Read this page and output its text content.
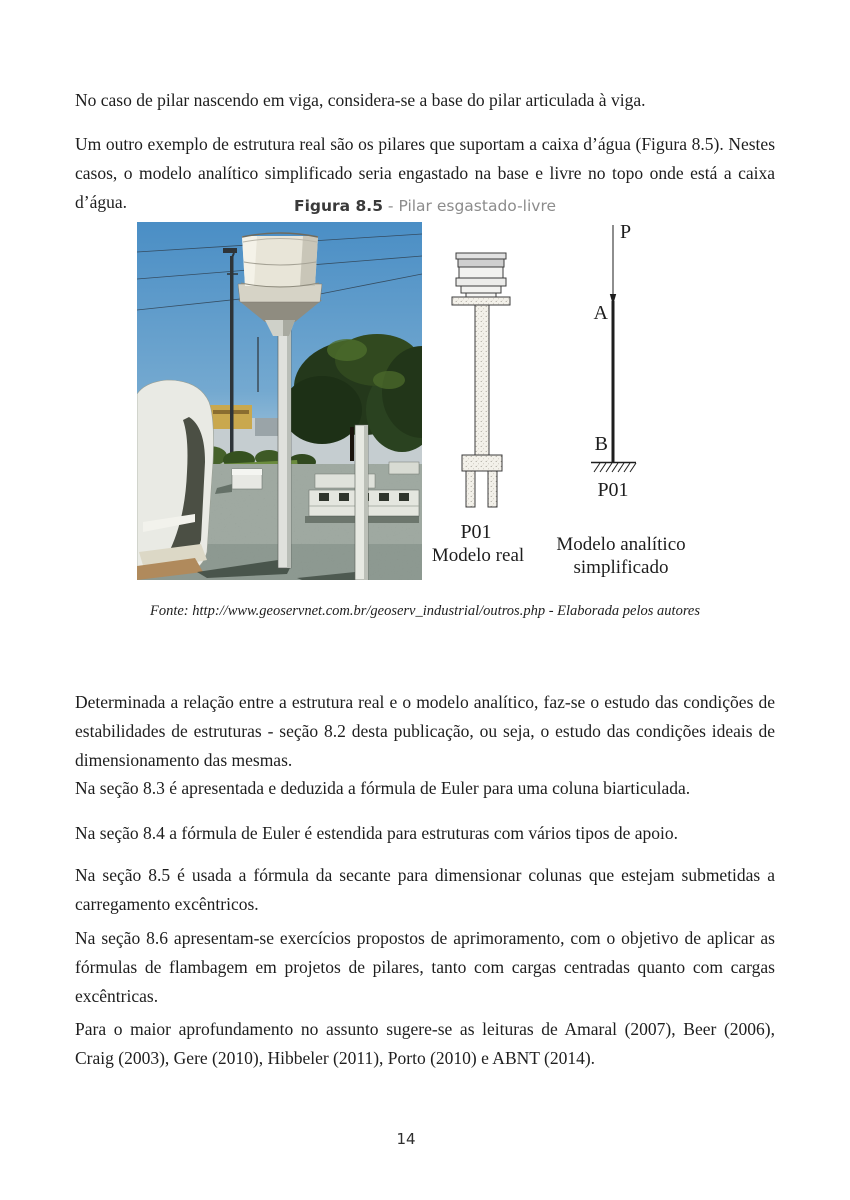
No caso de pilar nascendo em viga, considera-se a base do pilar articulada à viga.

Um outro exemplo de estrutura real são os pilares que suportam a caixa d’água (Figura 8.5). Nestes casos, o modelo analítico simplificado seria engastado na base e livre no topo onde está a caixa d’água.	Figura 8.5 - Pilar esgastado-livre
P01
Modelo real
P
A
B
P01
Modelo analítico
simplificado
Fonte: http://www.geoservnet.com.br/geoserv_industrial/outros.php - Elaborada pelos autores

Determinada a relação entre a estrutura real e o modelo analítico, faz-se o estudo das condições de estabilidades de estruturas - seção 8.2 desta publicação, ou seja, o estudo das condições ideais de dimensionamento das mesmas.

Na seção 8.3 é apresentada e deduzida a fórmula de Euler para uma coluna biarticulada.

Na seção 8.4 a fórmula de Euler é estendida para estruturas com vários tipos de apoio.

Na seção 8.5 é usada a fórmula da secante para dimensionar colunas que estejam submetidas a carregamento excêntricos.

Na seção 8.6 apresentam-se exercícios propostos de aprimoramento, com o objetivo de aplicar as fórmulas de flambagem em projetos de pilares, tanto com cargas centradas quanto com cargas excêntricas.

Para o maior aprofundamento no assunto sugere-se as leituras de Amaral (2007), Beer (2006), Craig (2003), Gere (2010), Hibbeler (2011), Porto (2010) e ABNT (2014).

14
